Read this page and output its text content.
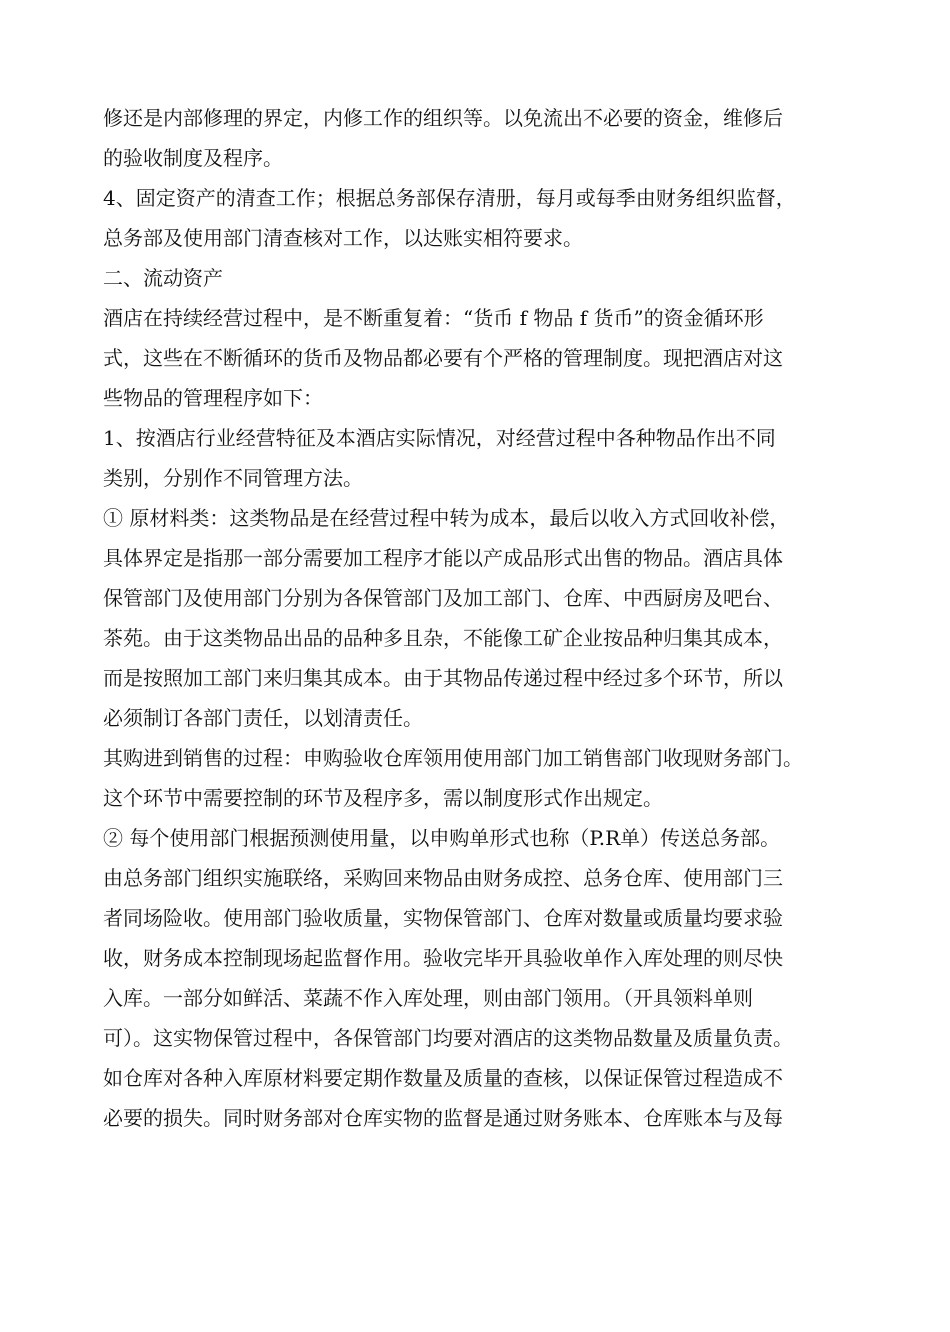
修还是内部修理的界定，内修工作的组织等。以免流出不必要的资金，维修后
的验收制度及程序。
4、固定资产的清查工作；根据总务部保存清册，每月或每季由财务组织监督，
总务部及使用部门清查核对工作，以达账实相符要求。
二、流动资产
酒店在持续经营过程中，是不断重复着：“货币 f 物品 f 货币”的资金循环形
式，这些在不断循环的货币及物品都必要有个严格的管理制度。现把酒店对这
些物品的管理程序如下：
1、按酒店行业经营特征及本酒店实际情况，对经营过程中各种物品作出不同
类别，分别作不同管理方法。
① 原材料类：这类物品是在经营过程中转为成本，最后以收入方式回收补偿，
具体界定是指那一部分需要加工程序才能以产成品形式出售的物品。酒店具体
保管部门及使用部门分别为各保管部门及加工部门、仓库、中西厨房及吧台、
茶苑。由于这类物品出品的品种多且杂，不能像工矿企业按品种归集其成本，
而是按照加工部门来归集其成本。由于其物品传递过程中经过多个环节，所以
必须制订各部门责任，以划清责任。
其购进到销售的过程：申购验收仓库领用使用部门加工销售部门收现财务部门。
这个环节中需要控制的环节及程序多，需以制度形式作出规定。
② 每个使用部门根据预测使用量，以申购单形式也称（P.R单）传送总务部。
由总务部门组织实施联络，采购回来物品由财务成控、总务仓库、使用部门三
者同场险收。使用部门验收质量，实物保管部门、仓库对数量或质量均要求验
收，财务成本控制现场起监督作用。验收完毕开具验收单作入库处理的则尽快
入库。一部分如鲜活、菜蔬不作入库处理，则由部门领用。（开具领料单则
可）。这实物保管过程中，各保管部门均要对酒店的这类物品数量及质量负责。
如仓库对各种入库原材料要定期作数量及质量的查核，以保证保管过程造成不
必要的损失。同时财务部对仓库实物的监督是通过财务账本、仓库账本与及每
